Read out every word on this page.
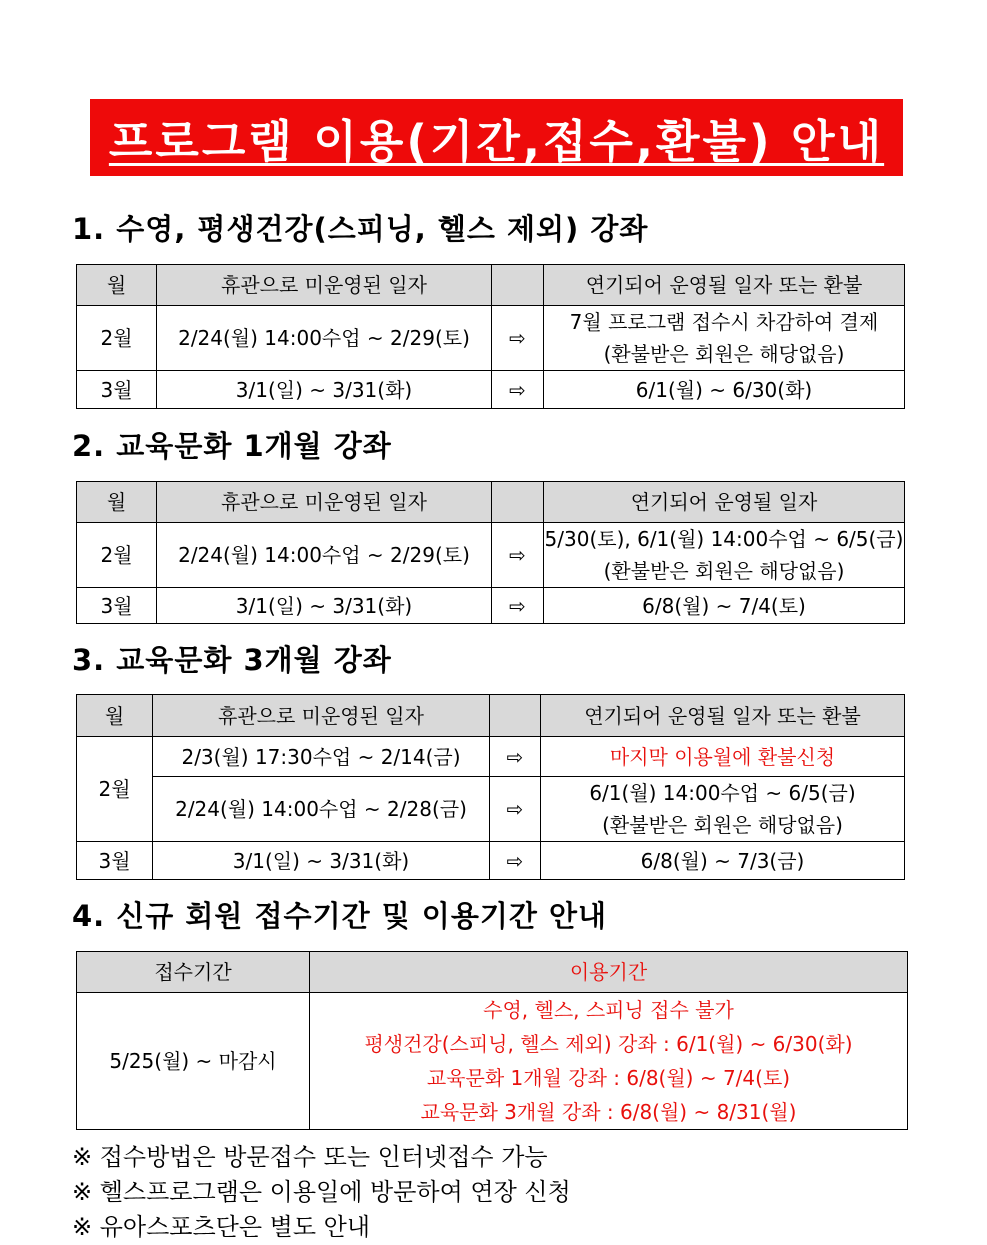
프로그램 이용(기간,접수,환불) 안내
1. 수영, 평생건강(스피닝, 헬스 제외) 강좌
월	휴관으로 미운영된 일자		연기되어 운영될 일자 또는 환불
2월	2/24(월) 14:00수업 ~ 2/29(토)	⇨	7월 프로그램 접수시 차감하여 결제
(환불받은 회원은 해당없음)

3월	3/1(일) ~ 3/31(화)	⇨	6/1(월) ~ 6/30(화)
2. 교육문화 1개월 강좌
월	휴관으로 미운영된 일자		연기되어 운영될 일자
2월	2/24(월) 14:00수업 ~ 2/29(토)	⇨	5/30(토), 6/1(월) 14:00수업 ~ 6/5(금)
(환불받은 회원은 해당없음)

3월	3/1(일) ~ 3/31(화)	⇨	6/8(월) ~ 7/4(토)
3. 교육문화 3개월 강좌
월	휴관으로 미운영된 일자		연기되어 운영될 일자 또는 환불
2월	2/3(월) 17:30수업 ~ 2/14(금)	⇨	마지막 이용월에 환불신청
	2/24(월) 14:00수업 ~ 2/28(금)	⇨	6/1(월) 14:00수업 ~ 6/5(금)
(환불받은 회원은 해당없음)

3월	3/1(일) ~ 3/31(화)	⇨	6/8(월) ~ 7/3(금)
4. 신규 회원 접수기간 및 이용기간 안내
접수기간	이용기간
5/25(월) ~ 마감시	수영, 헬스, 스피닝 접수 불가
평생건강(스피닝, 헬스 제외) 강좌 : 6/1(월) ~ 6/30(화)
교육문화 1개월 강좌 : 6/8(월) ~ 7/4(토)
교육문화 3개월 강좌 : 6/8(월) ~ 8/31(월)
※ 접수방법은 방문접수 또는 인터넷접수 가능
※ 헬스프로그램은 이용일에 방문하여 연장 신청
※ 유아스포츠단은 별도 안내
